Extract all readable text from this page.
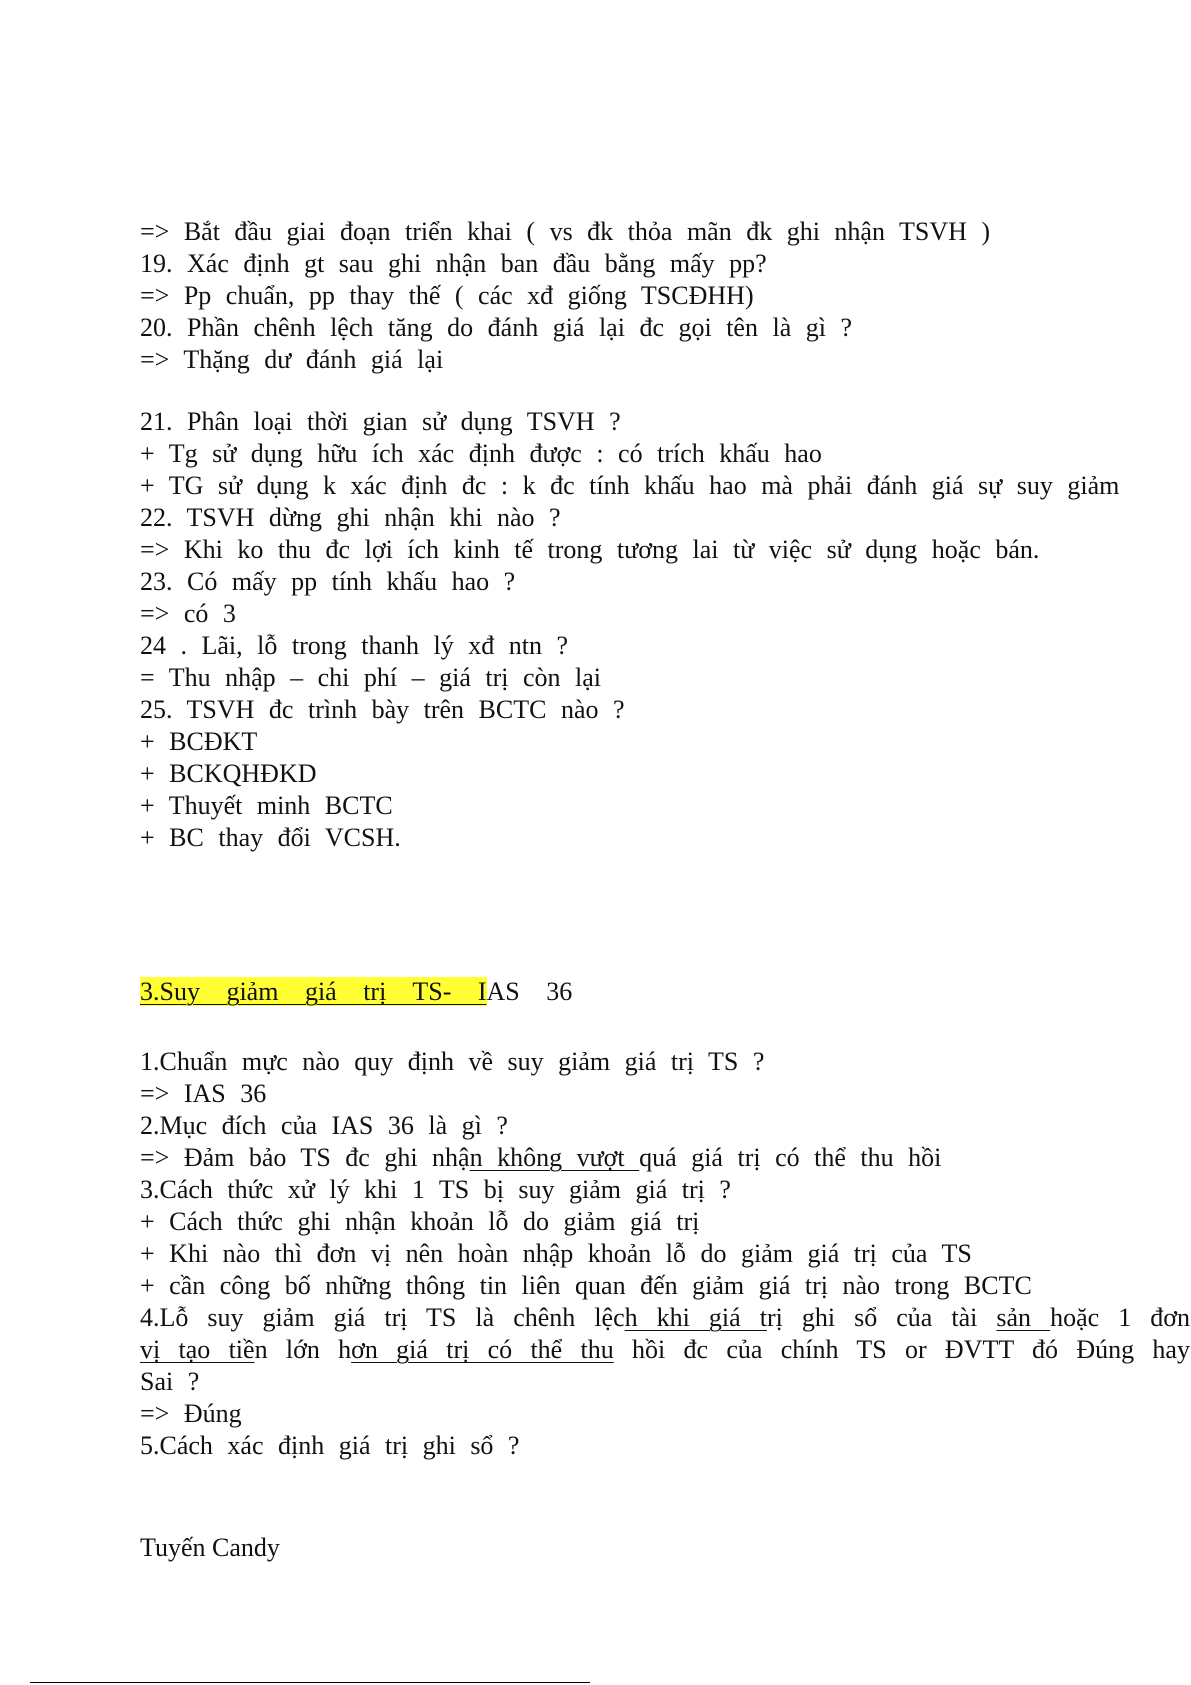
=> Bắt đầu giai đoạn triển khai ( vs đk thỏa mãn đk ghi nhận TSVH )
19. Xác định gt sau ghi nhận ban đầu bằng mấy pp?
=> Pp chuẩn, pp thay thế ( các xđ giống TSCĐHH)
20. Phần chênh lệch tăng do đánh giá lại đc gọi tên là gì ?
=> Thặng dư đánh giá lại
21. Phân loại thời gian sử dụng TSVH ?
+ Tg sử dụng hữu ích xác định được : có trích khấu hao
+ TG sử dụng k xác định đc : k đc tính khấu hao mà phải đánh giá sự suy giảm
22. TSVH dừng ghi nhận khi nào ?
=> Khi ko thu đc lợi ích kinh tế trong tương lai từ việc sử dụng hoặc bán.
23. Có mấy pp tính khấu hao ?
=> có 3
24 . Lãi, lỗ trong thanh lý xđ ntn ?
= Thu nhập – chi phí – giá trị còn lại
25. TSVH đc trình bày trên BCTC nào ?
+ BCĐKT
+ BCKQHĐKD
+ Thuyết minh BCTC
+ BC thay đổi VCSH.
3.Suy giảm giá trị TS- IAS 36
1.Chuẩn mực nào quy định về suy giảm giá trị TS ?
=> IAS 36
2.Mục đích của IAS 36 là gì ?
=> Đảm bảo TS đc ghi nhận không vượt quá giá trị có thể thu hồi
3.Cách thức xử lý khi 1 TS bị suy giảm giá trị ?
+ Cách thức ghi nhận khoản lỗ do giảm giá trị
+ Khi nào thì đơn vị nên hoàn nhập khoản lỗ do giảm giá trị của TS
+ cần công bố những thông tin liên quan đến giảm giá trị nào trong BCTC
4.Lỗ suy giảm giá trị TS là chênh lệch khi giá trị ghi sổ của tài sản hoặc 1 đơn
vị tạo tiền lớn hơn giá trị có thể thu hồi đc của chính TS or ĐVTT đó Đúng hay
Sai ?
=> Đúng
5.Cách xác định giá trị ghi sổ ?
Tuyến Candy
